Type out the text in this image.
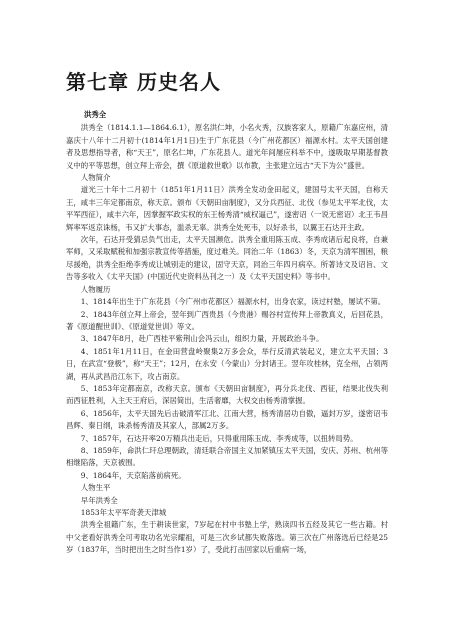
第七章 历史名人
洪秀全

洪秀全（1814.1.1—1864.6.1），原名洪仁坤，小名火秀，汉族客家人，原籍广东嘉应州，清嘉庆十八年十二月初十(1814年1月1日)生于广东花县（今广州花都区）福源水村。太平天国创建者及思想指导者，称“天王”，原名仁坤，广东花县人。道光年间屡应科举不中，遂吸取早期基督教义中的平等思想，创立拜上帝会，撰《原道救世歌》以布教，主张建立远古“天下为公”盛世。

人物简介

道光三十年十二月初十（1851年1月11日）洪秀全发动金田起义，建国号太平天国，自称天王，咸丰三年定都南京，称天京。颁布《天朝田亩制度》，又分兵西征、北伐（参见太平军北伐，太平军西征），咸丰六年，因掌握军政实权的东王杨秀清“威权逼己”，遂密诏（一说无密诏）北王韦昌辉率军返京诛杨，韦又扩大事态，滥杀无辜。洪秀全处死韦，以好杀书，以翼王石达开主政。

次年，石达开受猜忌负气出走，太平天国濒危。洪秀全重用陈玉成、李秀成诸后起良将，自兼军师，又采取赋税和加强宗教宣传等措施，度过难关。同治二年（1863）冬，天京为清军围困，粮尽援绝，洪秀全拒绝李秀成让城别走的建议，固守天京，同治三年四月病卒。所著诗文及诏旨、文告等多收入《太平天国》(中国近代史资料丛刊之一）及《太平天国史料》等书中。

人物履历

1、1814年出生于广东花县（今广州市花都区）福源水村，出身农家，读过村塾，屡试不第。

2、1843年创立拜上帝会，翌年到广西贵县（今贵港）赐谷村宣传拜上帝教真义，后回花县，著《原道醒世训》、《原道觉世训》等文。

3、1847年8月，赴广西桂平紫荆山会冯云山，组织力量，开展政治斗争。

4、1851年1月11日，在金田营盘岭聚集2万多会众，举行反清武装起义，建立太平天国；3日，在武宣“登极”，称“天王”；12月，在永安（今蒙山）分封诸王。翌年攻桂林，克全州，占领两湖，再从武昌沿江东下，攻占南京。

5、1853年定都南京，改称天京。颁布《天朝田亩制度》，再分兵北伐、西征，结果北伐失利而西征胜利，入主天王府后，深居简出，生活奢靡，大权交由杨秀清掌握。

6、1856年，太平天国先后击破清军江北、江南大营，杨秀清居功自傲，逼封万岁，遂密诏韦昌辉、秦日纲，诛杀杨秀清及其家人，部属2万多。

7、1857年，石达开率20万精兵出走后，只得重用陈玉成、李秀成等，以扭转局势。

8、1859年，命洪仁玕总理朝政，清廷联合帝国主义加紧镇压太平天国，安庆、苏州、杭州等相继陷落，天京被围。

9、1864年，天京陷落前病死。

人物生平

早年洪秀全

1853年太平军奇袭天津城

洪秀全祖籍广东，生于耕读世家，7岁起在村中书塾上学，熟读四书五经及其它一些古籍。村中父老看好洪秀全可考取功名光宗耀祖，可是三次乡试都失败落选。第三次在广州落选后已经是25岁（1837年，当时把出生之时当作1岁）了，受此打击回家以后重病一场，
